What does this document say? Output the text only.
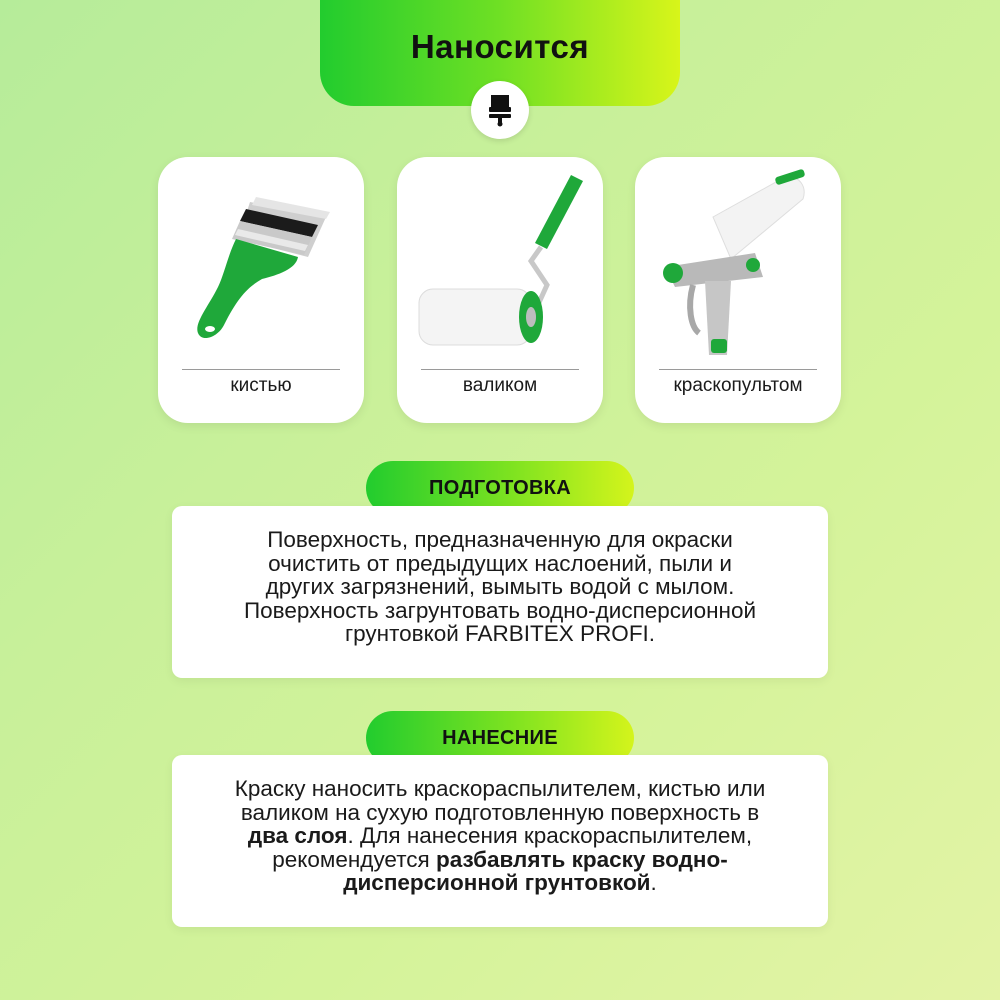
Наносится
кистью	валиком	краскопультом
ПОДГОТОВКА
Поверхность, предназначенную для окраски
очистить от предыдущих наслоений, пыли и
других загрязнений, вымыть водой с мылом.
Поверхность загрунтовать водно-дисперсионной
грунтовкой FARBITEX PROFI.
НАНЕСНИЕ
Краску наносить краскораспылителем, кистью или
валиком на сухую подготовленную поверхность в
два слоя. Для нанесения краскораспылителем,
рекомендуется разбавлять краску водно-
дисперсионной грунтовкой.
